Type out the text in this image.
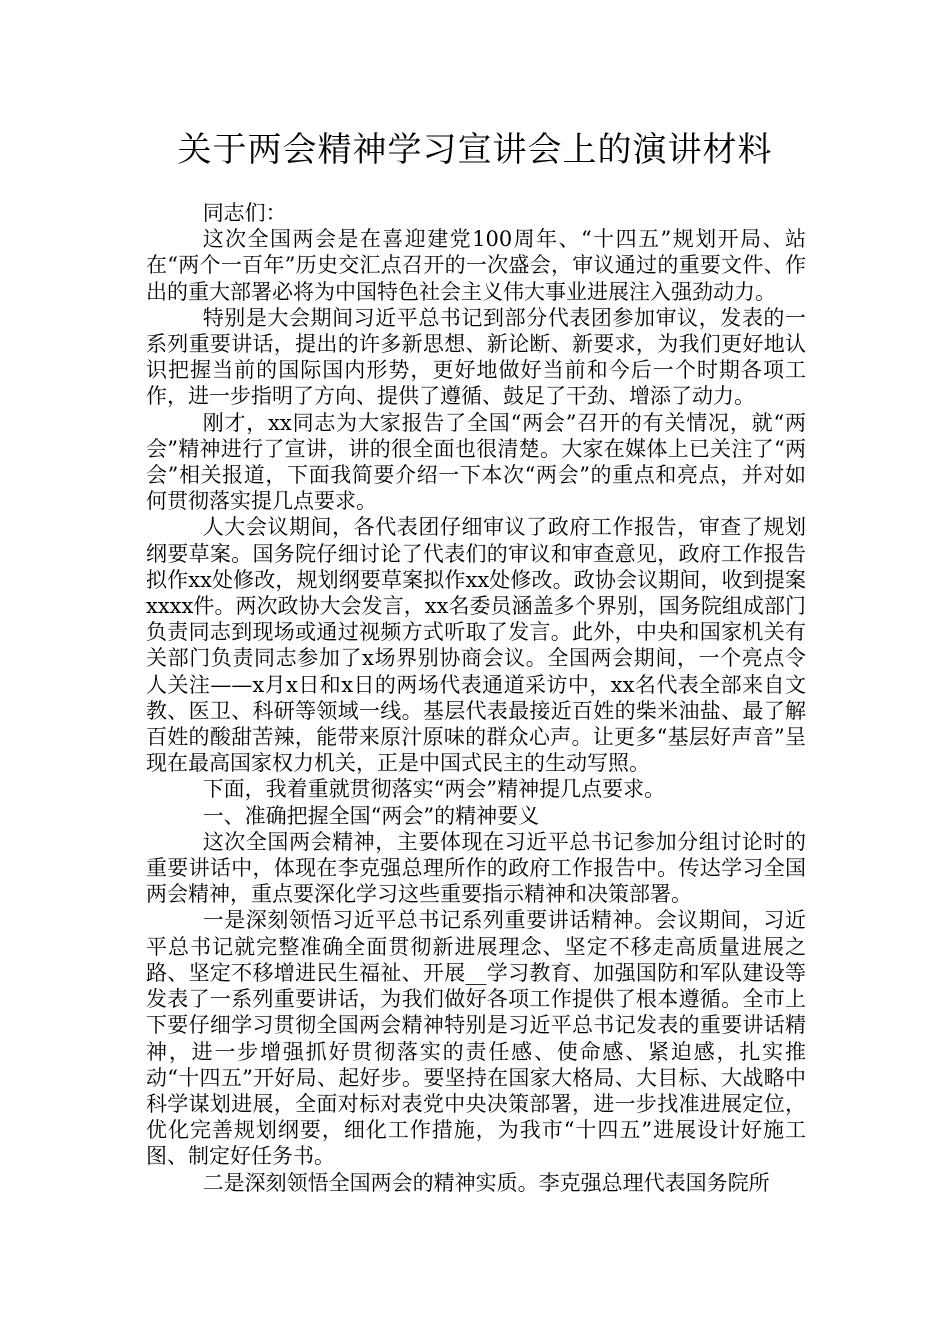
关于两会精神学习宣讲会上的演讲材料

同志们：

这次全国两会是在喜迎建党100周年、“十四五”规划开局、站在“两个一百年”历史交汇点召开的一次盛会，审议通过的重要文件、作出的重大部署必将为中国特色社会主义伟大事业进展注入强劲动力。

特别是大会期间习近平总书记到部分代表团参加审议，发表的一系列重要讲话，提出的许多新思想、新论断、新要求，为我们更好地认识把握当前的国际国内形势，更好地做好当前和今后一个时期各项工作，进一步指明了方向、提供了遵循、鼓足了干劲、增添了动力。

刚才，xx同志为大家报告了全国“两会”召开的有关情况，就“两会”精神进行了宣讲，讲的很全面也很清楚。大家在媒体上已关注了“两会”相关报道，下面我简要介绍一下本次“两会”的重点和亮点，并对如何贯彻落实提几点要求。

人大会议期间，各代表团仔细审议了政府工作报告，审查了规划纲要草案。国务院仔细讨论了代表们的审议和审查意见，政府工作报告拟作xx处修改，规划纲要草案拟作xx处修改。政协会议期间，收到提案xxxx件。两次政协大会发言，xx名委员涵盖多个界别，国务院组成部门负责同志到现场或通过视频方式听取了发言。此外，中央和国家机关有关部门负责同志参加了x场界别协商会议。全国两会期间，一个亮点令人关注——x月x日和x日的两场代表通道采访中，xx名代表全部来自文教、医卫、科研等领域一线。基层代表最接近百姓的柴米油盐、最了解百姓的酸甜苦辣，能带来原汁原味的群众心声。让更多“基层好声音”呈现在最高国家权力机关，正是中国式民主的生动写照。

下面，我着重就贯彻落实“两会”精神提几点要求。

一、准确把握全国“两会”的精神要义

这次全国两会精神，主要体现在习近平总书记参加分组讨论时的重要讲话中，体现在李克强总理所作的政府工作报告中。传达学习全国两会精神，重点要深化学习这些重要指示精神和决策部署。

一是深刻领悟习近平总书记系列重要讲话精神。会议期间，习近平总书记就完整准确全面贯彻新进展理念、坚定不移走高质量进展之路、坚定不移增进民生福祉、开展__学习教育、加强国防和军队建设等发表了一系列重要讲话，为我们做好各项工作提供了根本遵循。全市上下要仔细学习贯彻全国两会精神特别是习近平总书记发表的重要讲话精神，进一步增强抓好贯彻落实的责任感、使命感、紧迫感，扎实推动“十四五”开好局、起好步。要坚持在国家大格局、大目标、大战略中科学谋划进展，全面对标对表党中央决策部署，进一步找准进展定位，优化完善规划纲要，细化工作措施，为我市“十四五”进展设计好施工图、制定好任务书。

二是深刻领悟全国两会的精神实质。李克强总理代表国务院所
